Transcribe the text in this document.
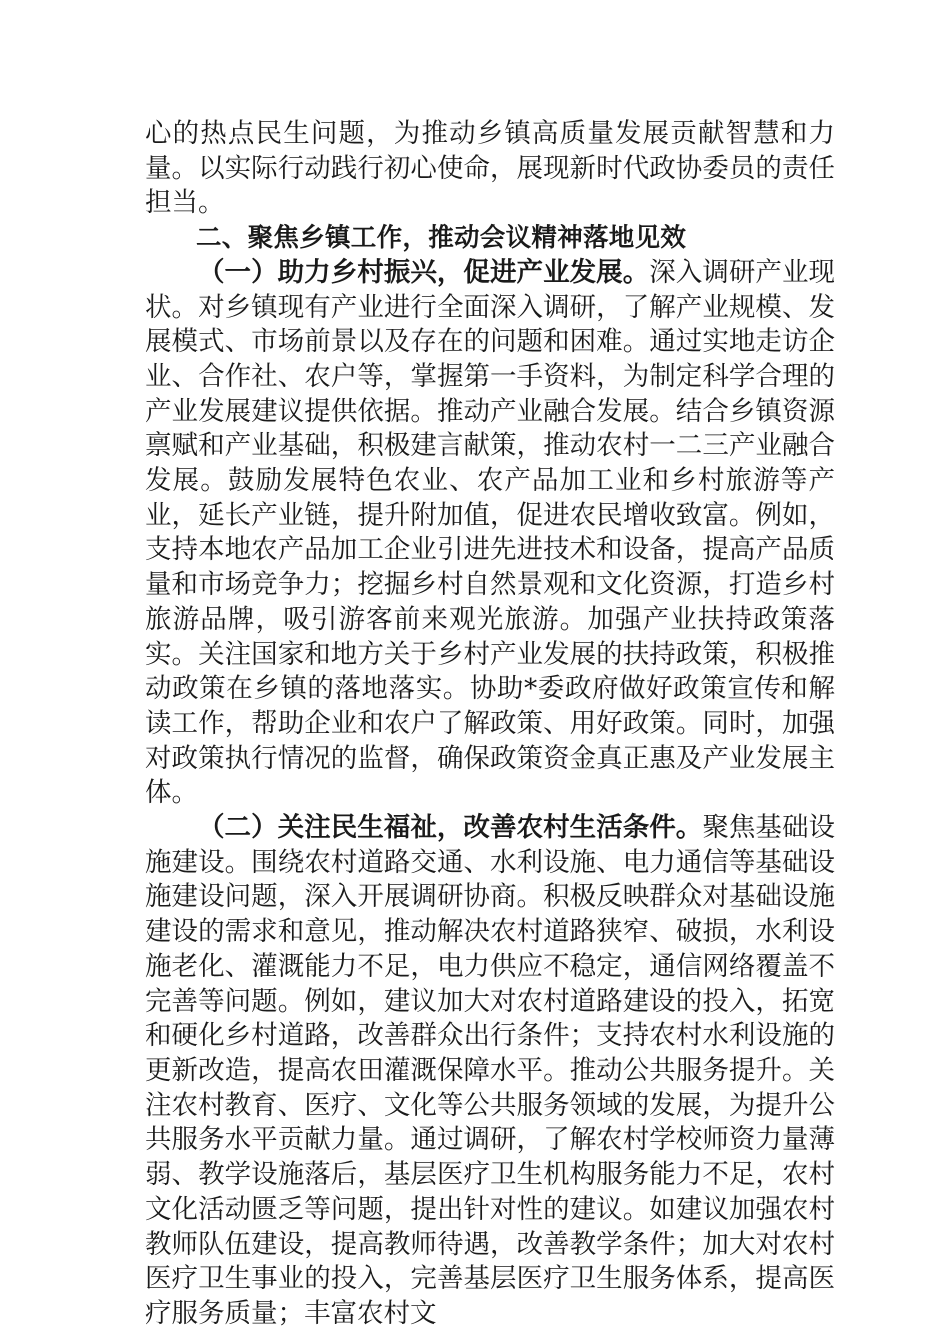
心的热点民生问题，为推动乡镇高质量发展贡献智慧和力量。以实际行动践行初心使命，展现新时代政协委员的责任担当。

二、聚焦乡镇工作，推动会议精神落地见效

（一）助力乡村振兴，促进产业发展。深入调研产业现状。对乡镇现有产业进行全面深入调研，了解产业规模、发展模式、市场前景以及存在的问题和困难。通过实地走访企业、合作社、农户等，掌握第一手资料，为制定科学合理的产业发展建议提供依据。推动产业融合发展。结合乡镇资源禀赋和产业基础，积极建言献策，推动农村一二三产业融合发展。鼓励发展特色农业、农产品加工业和乡村旅游等产业，延长产业链，提升附加值，促进农民增收致富。例如，支持本地农产品加工企业引进先进技术和设备，提高产品质量和市场竞争力；挖掘乡村自然景观和文化资源，打造乡村旅游品牌，吸引游客前来观光旅游。加强产业扶持政策落实。关注国家和地方关于乡村产业发展的扶持政策，积极推动政策在乡镇的落地落实。协助*委政府做好政策宣传和解读工作，帮助企业和农户了解政策、用好政策。同时，加强对政策执行情况的监督，确保政策资金真正惠及产业发展主体。

（二）关注民生福祉，改善农村生活条件。聚焦基础设施建设。围绕农村道路交通、水利设施、电力通信等基础设施建设问题，深入开展调研协商。积极反映群众对基础设施建设的需求和意见，推动解决农村道路狭窄、破损，水利设施老化、灌溉能力不足，电力供应不稳定，通信网络覆盖不完善等问题。例如，建议加大对农村道路建设的投入，拓宽和硬化乡村道路，改善群众出行条件；支持农村水利设施的更新改造，提高农田灌溉保障水平。推动公共服务提升。关注农村教育、医疗、文化等公共服务领域的发展，为提升公共服务水平贡献力量。通过调研，了解农村学校师资力量薄弱、教学设施落后，基层医疗卫生机构服务能力不足，农村文化活动匮乏等问题，提出针对性的建议。如建议加强农村教师队伍建设，提高教师待遇，改善教学条件；加大对农村医疗卫生事业的投入，完善基层医疗卫生服务体系，提高医疗服务质量；丰富农村文
